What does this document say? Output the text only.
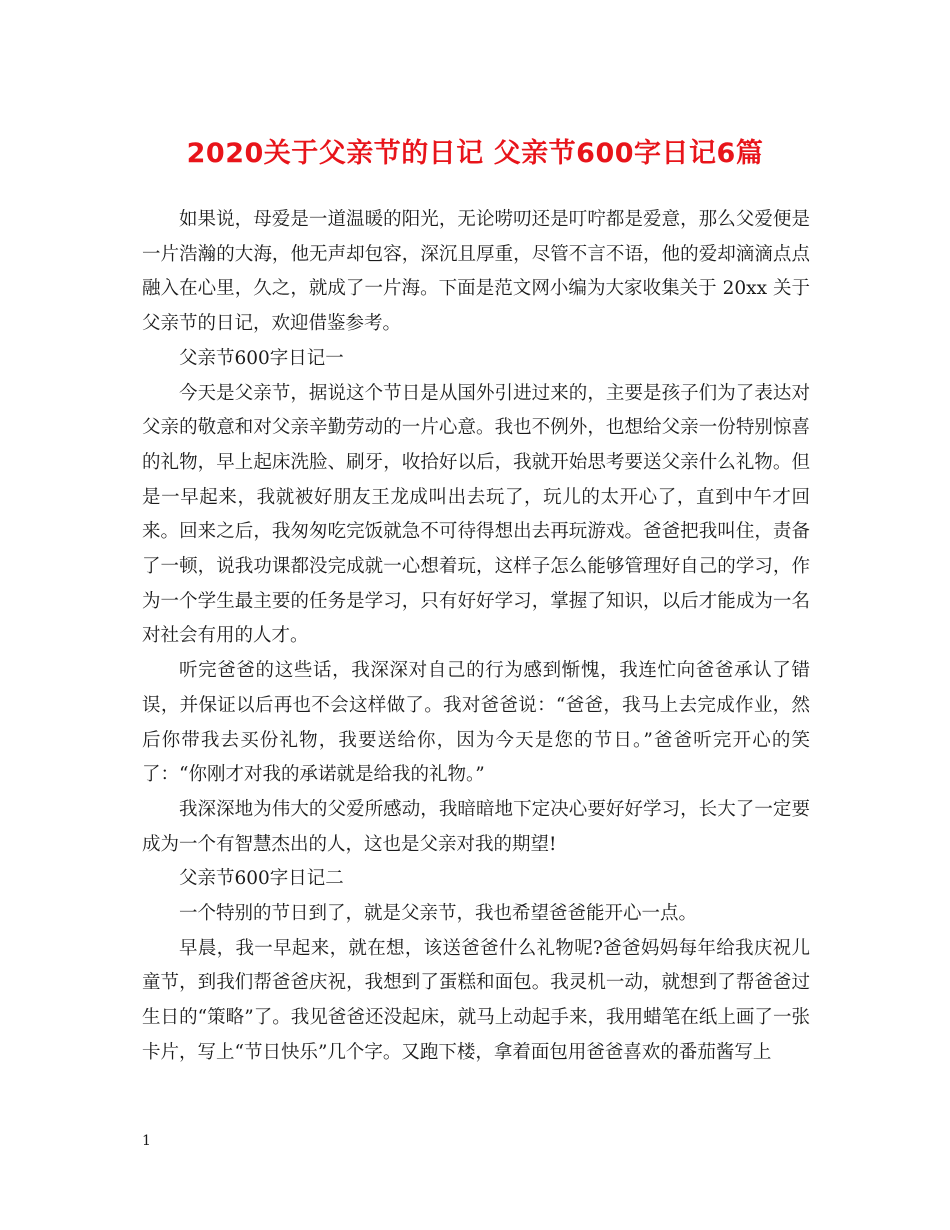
2020关于父亲节的日记 父亲节600字日记6篇

如果说，母爱是一道温暖的阳光，无论唠叨还是叮咛都是爱意，那么父爱便是一片浩瀚的大海，他无声却包容，深沉且厚重，尽管不言不语，他的爱却滴滴点点融入在心里，久之，就成了一片海。下面是范文网小编为大家收集关于 20xx 关于父亲节的日记，欢迎借鉴参考。

父亲节600字日记一

今天是父亲节，据说这个节日是从国外引进过来的，主要是孩子们为了表达对父亲的敬意和对父亲辛勤劳动的一片心意。我也不例外，也想给父亲一份特别惊喜的礼物，早上起床洗脸、刷牙，收拾好以后，我就开始思考要送父亲什么礼物。但是一早起来，我就被好朋友王龙成叫出去玩了，玩儿的太开心了，直到中午才回来。回来之后，我匆匆吃完饭就急不可待得想出去再玩游戏。爸爸把我叫住，责备了一顿，说我功课都没完成就一心想着玩，这样子怎么能够管理好自己的学习，作为一个学生最主要的任务是学习，只有好好学习，掌握了知识，以后才能成为一名对社会有用的人才。

听完爸爸的这些话，我深深对自己的行为感到惭愧，我连忙向爸爸承认了错误，并保证以后再也不会这样做了。我对爸爸说：“爸爸，我马上去完成作业，然后你带我去买份礼物，我要送给你，因为今天是您的节日。”爸爸听完开心的笑了：“你刚才对我的承诺就是给我的礼物。”

我深深地为伟大的父爱所感动，我暗暗地下定决心要好好学习，长大了一定要成为一个有智慧杰出的人，这也是父亲对我的期望!

父亲节600字日记二

一个特别的节日到了，就是父亲节，我也希望爸爸能开心一点。

早晨，我一早起来，就在想，该送爸爸什么礼物呢?爸爸妈妈每年给我庆祝儿童节，到我们帮爸爸庆祝，我想到了蛋糕和面包。我灵机一动，就想到了帮爸爸过生日的“策略”了。我见爸爸还没起床，就马上动起手来，我用蜡笔在纸上画了一张卡片，写上“节日快乐”几个字。又跑下楼，拿着面包用爸爸喜欢的番茄酱写上

1
